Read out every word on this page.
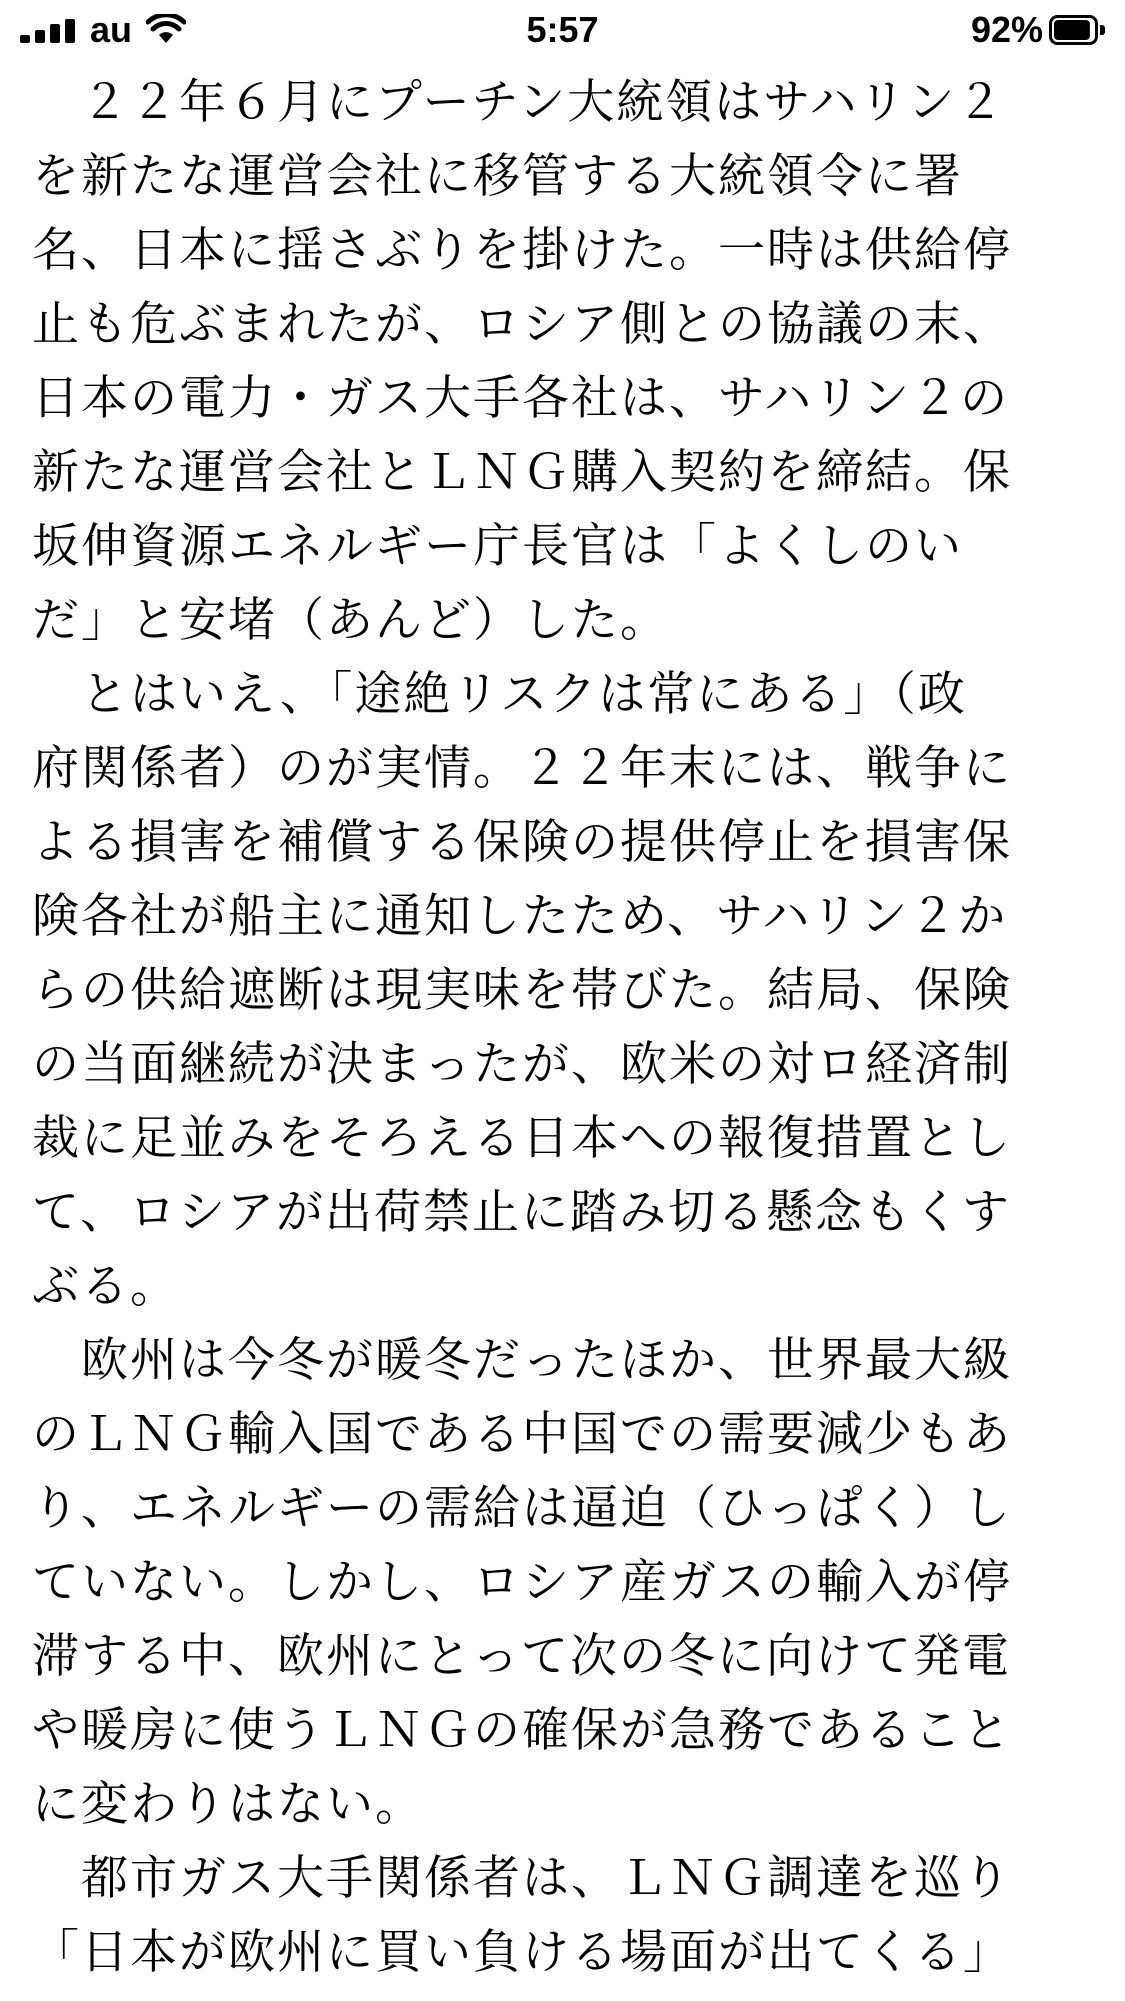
au	5:57	92%
　２２年６月にプーチン大統領はサハリン２
を新たな運営会社に移管する大統領令に署
名、日本に揺さぶりを掛けた。一時は供給停
止も危ぶまれたが、ロシア側との協議の末、
日本の電力・ガス大手各社は、サハリン２の
新たな運営会社とＬＮＧ購入契約を締結。保
坂伸資源エネルギー庁長官は「よくしのい
だ」と安堵（あんど）した。
　とはいえ、「途絶リスクは常にある」（政
府関係者）のが実情。２２年末には、戦争に
よる損害を補償する保険の提供停止を損害保
険各社が船主に通知したため、サハリン２か
らの供給遮断は現実味を帯びた。結局、保険
の当面継続が決まったが、欧米の対ロ経済制
裁に足並みをそろえる日本への報復措置とし
て、ロシアが出荷禁止に踏み切る懸念もくす
ぶる。
　欧州は今冬が暖冬だったほか、世界最大級
のＬＮＧ輸入国である中国での需要減少もあ
り、エネルギーの需給は逼迫（ひっぱく）し
ていない。しかし、ロシア産ガスの輸入が停
滞する中、欧州にとって次の冬に向けて発電
や暖房に使うＬＮＧの確保が急務であること
に変わりはない。
　都市ガス大手関係者は、ＬＮＧ調達を巡り
「日本が欧州に買い負ける場面が出てくる」
